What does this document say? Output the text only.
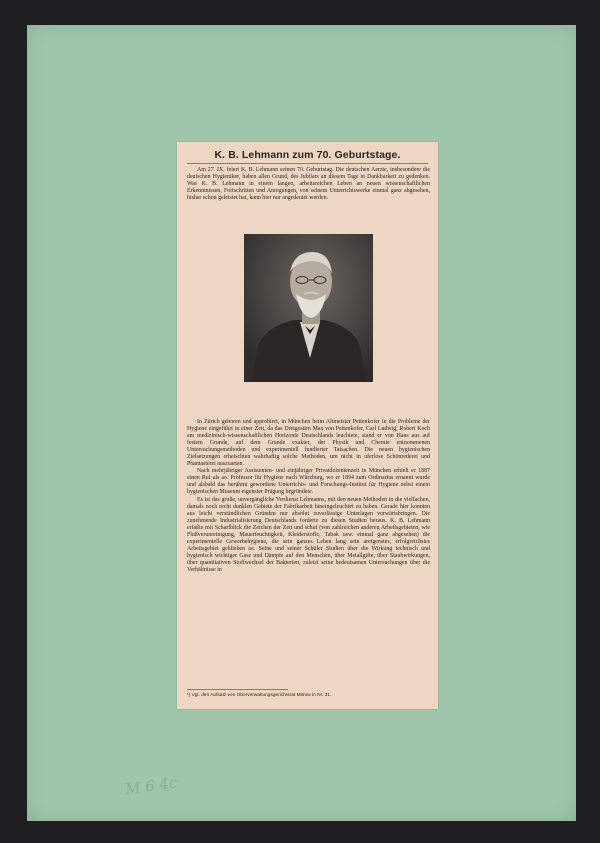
K. B. Lehmann zum 70. Geburtstage.

Am 27. IX. feiert K. B. Lehmann seinen 70. Geburtstag. Die deutschen Aerzte, insbesondere die deutschen Hygieniker, haben allen Grund, des Jubilars an diesem Tage in Dankbarkeit zu gedenken. Was K. B. Lehmann in einem langen, arbeitsreichen Leben an neuen wissenschaftlichen Erkenntnissen, Fortschritten und Anregungen, von seinem Unterrichtswerke einmal ganz abgesehen, bisher schon geleistet hat, kann hier nur angedeutet werden.

In Zürich geboren und approbiert, in München beim Altmeister Pettenkofer in die Probleme der Hygiene eingeführt in einer Zeit, da das Dreigestirn Max von Pettenkofer, Carl Ludwig, Robert Koch am medizinisch-wissenschaftlichen Horizonte Deutschlands leuchtete, stand er von Haus aus auf festem Grunde, auf dem Grunde exakter, der Physik und Chemie entnommenen Untersuchungsmethoden und experimentell fundierter Tatsachen. Die neuen hygienischen Zielsetzungen erheischten wahrhaftig solche Methoden, um nicht in uferlose Schönrederei und Phantasterei auszuarten.

Nach mehrjähriger Assistenten- und einjähriger Privatdozentenzeit in München erhielt er 1887 einen Ruf als ao. Professor für Hygiene nach Würzburg, wo er 1894 zum Ordinarius ernannt wurde und alsbald das berühmt gewordene Unterrichts- und Forschungs-Institut für Hygiene nebst einem hygienischen Museum eigenster Prägung begründete.

Es ist das große, unvergängliche Verdienst Lehmanns, mit den neuen Methoden in die vielfachen, damals noch recht dunklen Gebiete der Fabrikarbeit hineingeleuchtet zu haben. Gerade hier konnten aus leicht verständlichen Gründen nur absolut zuverlässige Unterlagen vorwärtsbringen. Die zunehmende Industrialisierung Deutschlands forderte zu diesen Studien heraus. K. B. Lehmann erfaßte mit Scharfblick die Zeichen der Zeit und schuf (von zahlreichen anderen Arbeitsgebieten, wie Flußverunreinigung, Mauerfeuchtigkeit, Kleiderstoffe, Tabak usw. einmal ganz abgesehen) die experimentelle Gewerbehygiene, die sein ganzes Leben lang sein areigenstes, erfolgreichstes Arbeitsgebiet geblieben ist. Seine und seiner Schüler Studien über die Wirkung technisch und hygienisch wichtiger Gase und Dämpfe auf den Menschen, über Metallgifte, über Staubwirkungen, über quantitativen Stoffwechsel der Bakterien, zuletzt seine bedeutsamen Untersuchungen über die Verhältnisse in

¹) Vgl. den Aufsatz von Oberverwaltungsgerichtsrat Mitrow in Nr. 31.
M 6 4c
